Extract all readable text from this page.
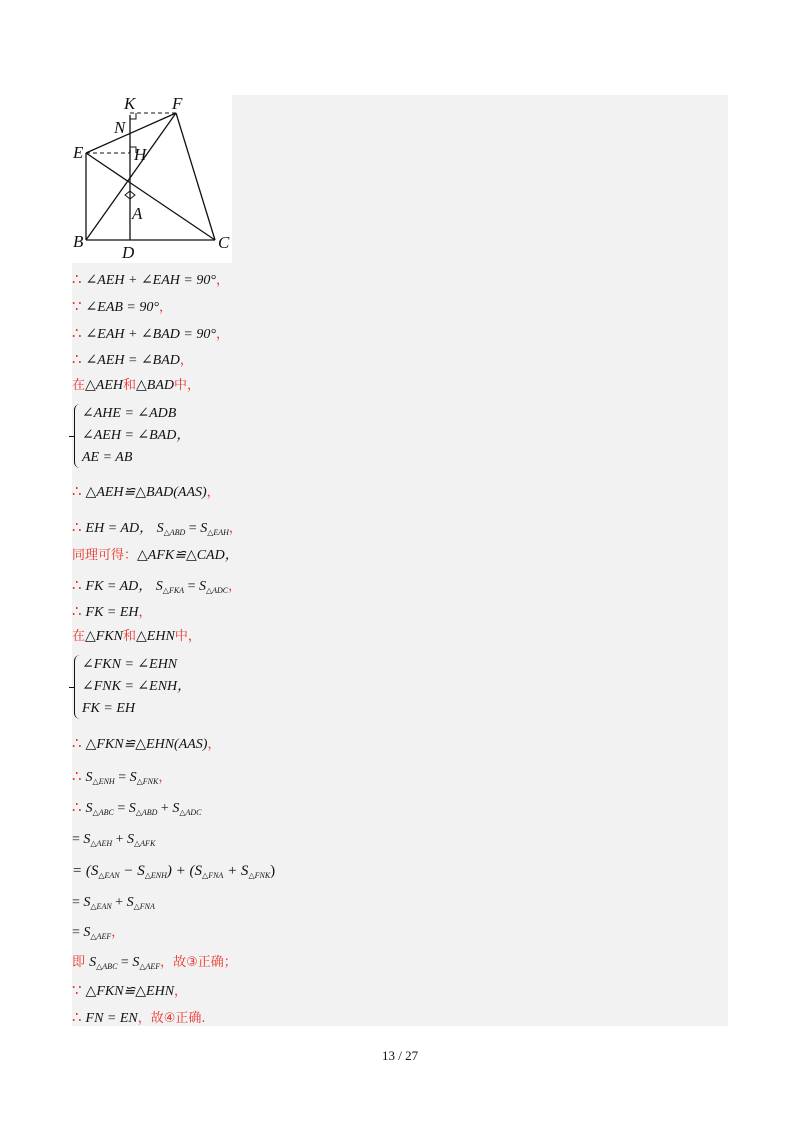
K F
N
E	H
A
B
D
C
∴ ∠AEH + ∠EAH = 90°，
∵ ∠EAB = 90°，
∴ ∠EAH + ∠BAD = 90°，
∴ ∠AEH = ∠BAD，
在△AEH和△BAD中，
∠AHE = ∠ADB
∠AEH = ∠BAD，
AE = AB
∴ △AEH≌△BAD(AAS)，
∴ EH = AD， $S_{\triangle ABD} = S_{\triangle EAH}$，
同理可得：△AFK≌△CAD，
∴ FK = AD， $S_{\triangle FKA} = S_{\triangle ADC}$，
∴ FK = EH，
在△FKN和△EHN中，
∠FKN = ∠EHN
∠FNK = ∠ENH，
FK = EH
∴ △FKN≌△EHN(AAS)，
∴ $S_{\triangle ENH} = S_{\triangle FNK}$，
∴ $S_{\triangle ABC} = S_{\triangle ABD} + S_{\triangle ADC}$
= $S_{\triangle AEH} + S_{\triangle AFK}$
= $(S_{\triangle EAN} - S_{\triangle ENH}) + (S_{\triangle FNA} + S_{\triangle FNK})$
= $S_{\triangle EAN} + S_{\triangle FNA}$
= $S_{\triangle AEF}$，
即 $S_{\triangle ABC} = S_{\triangle AEF}$，故③正确；
∵ △FKN≌△EHN，
∴ FN = EN，故④正确.
13 / 27
